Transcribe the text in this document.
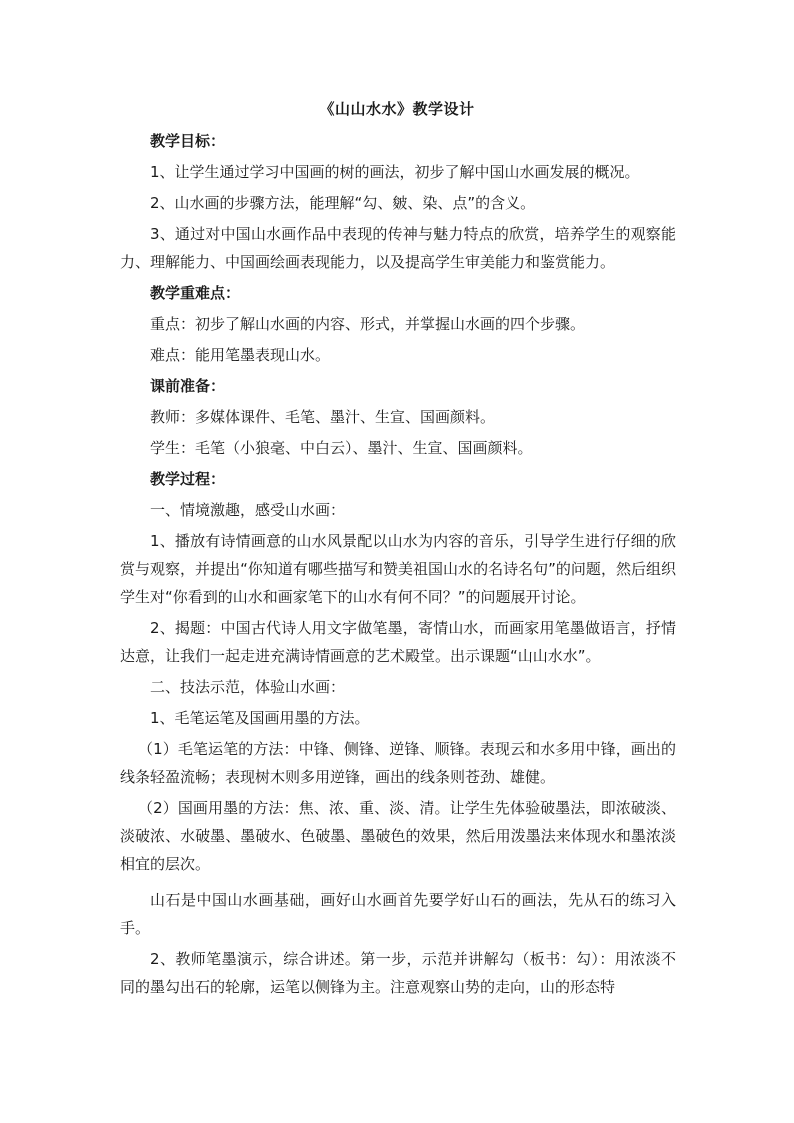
《山山水水》教学设计

教学目标：

1、让学生通过学习中国画的树的画法，初步了解中国山水画发展的概况。

2、山水画的步骤方法，能理解“勾、皴、染、点”的含义。

3、通过对中国山水画作品中表现的传神与魅力特点的欣赏，培养学生的观察能力、理解能力、中国画绘画表现能力，以及提高学生审美能力和鉴赏能力。

教学重难点：

重点：初步了解山水画的内容、形式，并掌握山水画的四个步骤。

难点：能用笔墨表现山水。

课前准备：

教师：多媒体课件、毛笔、墨汁、生宣、国画颜料。

学生：毛笔（小狼毫、中白云）、墨汁、生宣、国画颜料。

教学过程：

一、情境激趣，感受山水画：

1、播放有诗情画意的山水风景配以山水为内容的音乐，引导学生进行仔细的欣赏与观察，并提出“你知道有哪些描写和赞美祖国山水的名诗名句”的问题，然后组织学生对“你看到的山水和画家笔下的山水有何不同？”的问题展开讨论。

2、揭题：中国古代诗人用文字做笔墨，寄情山水，而画家用笔墨做语言，抒情达意，让我们一起走进充满诗情画意的艺术殿堂。出示课题“山山水水”。

二、技法示范，体验山水画：

1、毛笔运笔及国画用墨的方法。

（1）毛笔运笔的方法：中锋、侧锋、逆锋、顺锋。表现云和水多用中锋，画出的线条轻盈流畅；表现树木则多用逆锋，画出的线条则苍劲、雄健。

（2）国画用墨的方法：焦、浓、重、淡、清。让学生先体验破墨法，即浓破淡、淡破浓、水破墨、墨破水、色破墨、墨破色的效果，然后用泼墨法来体现水和墨浓淡相宜的层次。

山石是中国山水画基础，画好山水画首先要学好山石的画法，先从石的练习入手。

2、教师笔墨演示，综合讲述。第一步，示范并讲解勾（板书：勾）：用浓淡不同的墨勾出石的轮廓，运笔以侧锋为主。注意观察山势的走向，山的形态特
